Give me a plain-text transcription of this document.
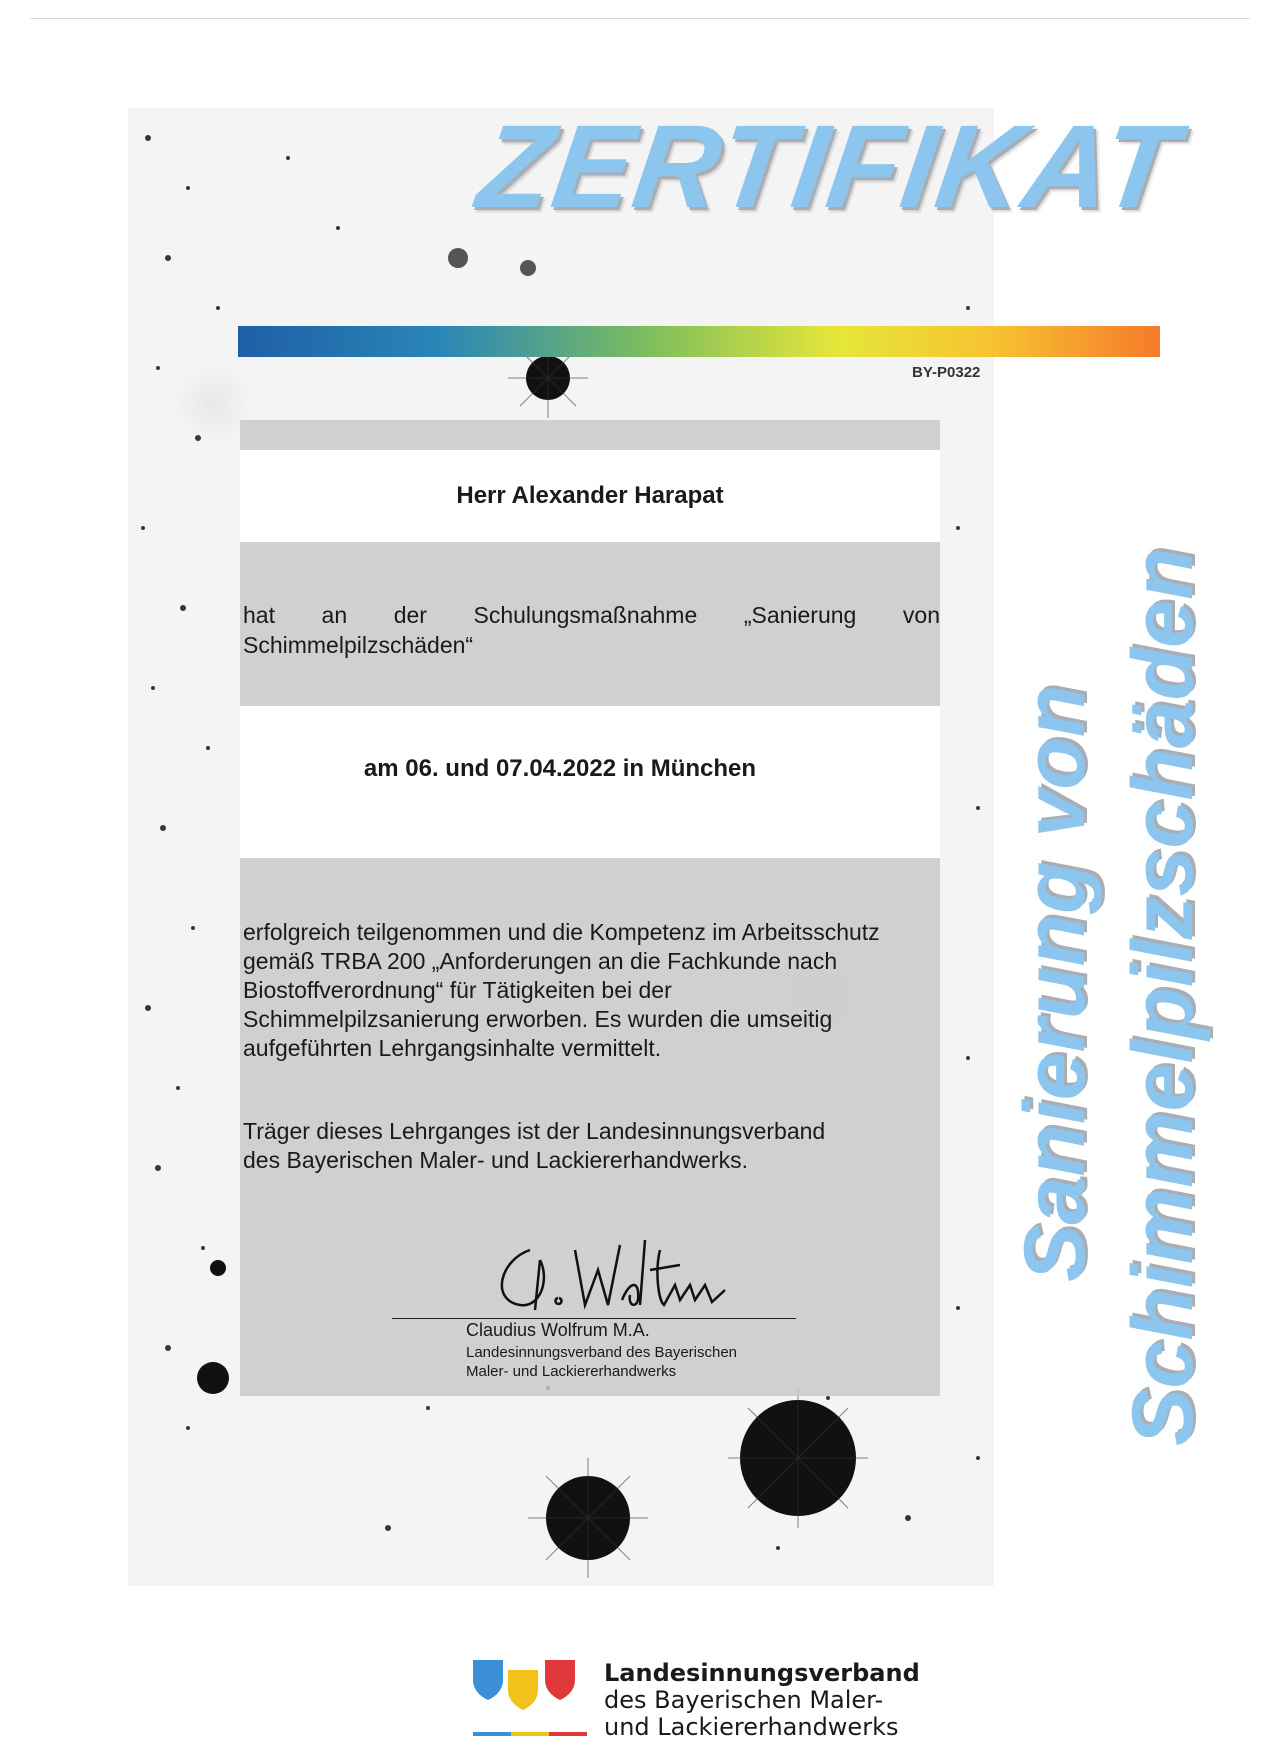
ZERTIFIKAT
BY-P0322
Herr Alexander Harapat
hat an der Schulungsmaßnahme „Sanierung von
Schimmelpilzschäden“
am 06. und 07.04.2022 in München
erfolgreich teilgenommen und die Kompetenz im Arbeitsschutz
gemäß TRBA 200 „Anforderungen an die Fachkunde nach
Biostoffverordnung“ für Tätigkeiten bei der
Schimmelpilzsanierung erworben. Es wurden die umseitig
aufgeführten Lehrgangsinhalte vermittelt.
Träger dieses Lehrganges ist der Landesinnungsverband
des Bayerischen Maler- und Lackiererhandwerks.
Claudius Wolfrum M.A.
Landesinnungsverband des Bayerischen
Maler- und Lackiererhandwerks
Sanierung von Schimmelpilzschäden
Landesinnungsverband
des Bayerischen Maler-
und Lackiererhandwerks
